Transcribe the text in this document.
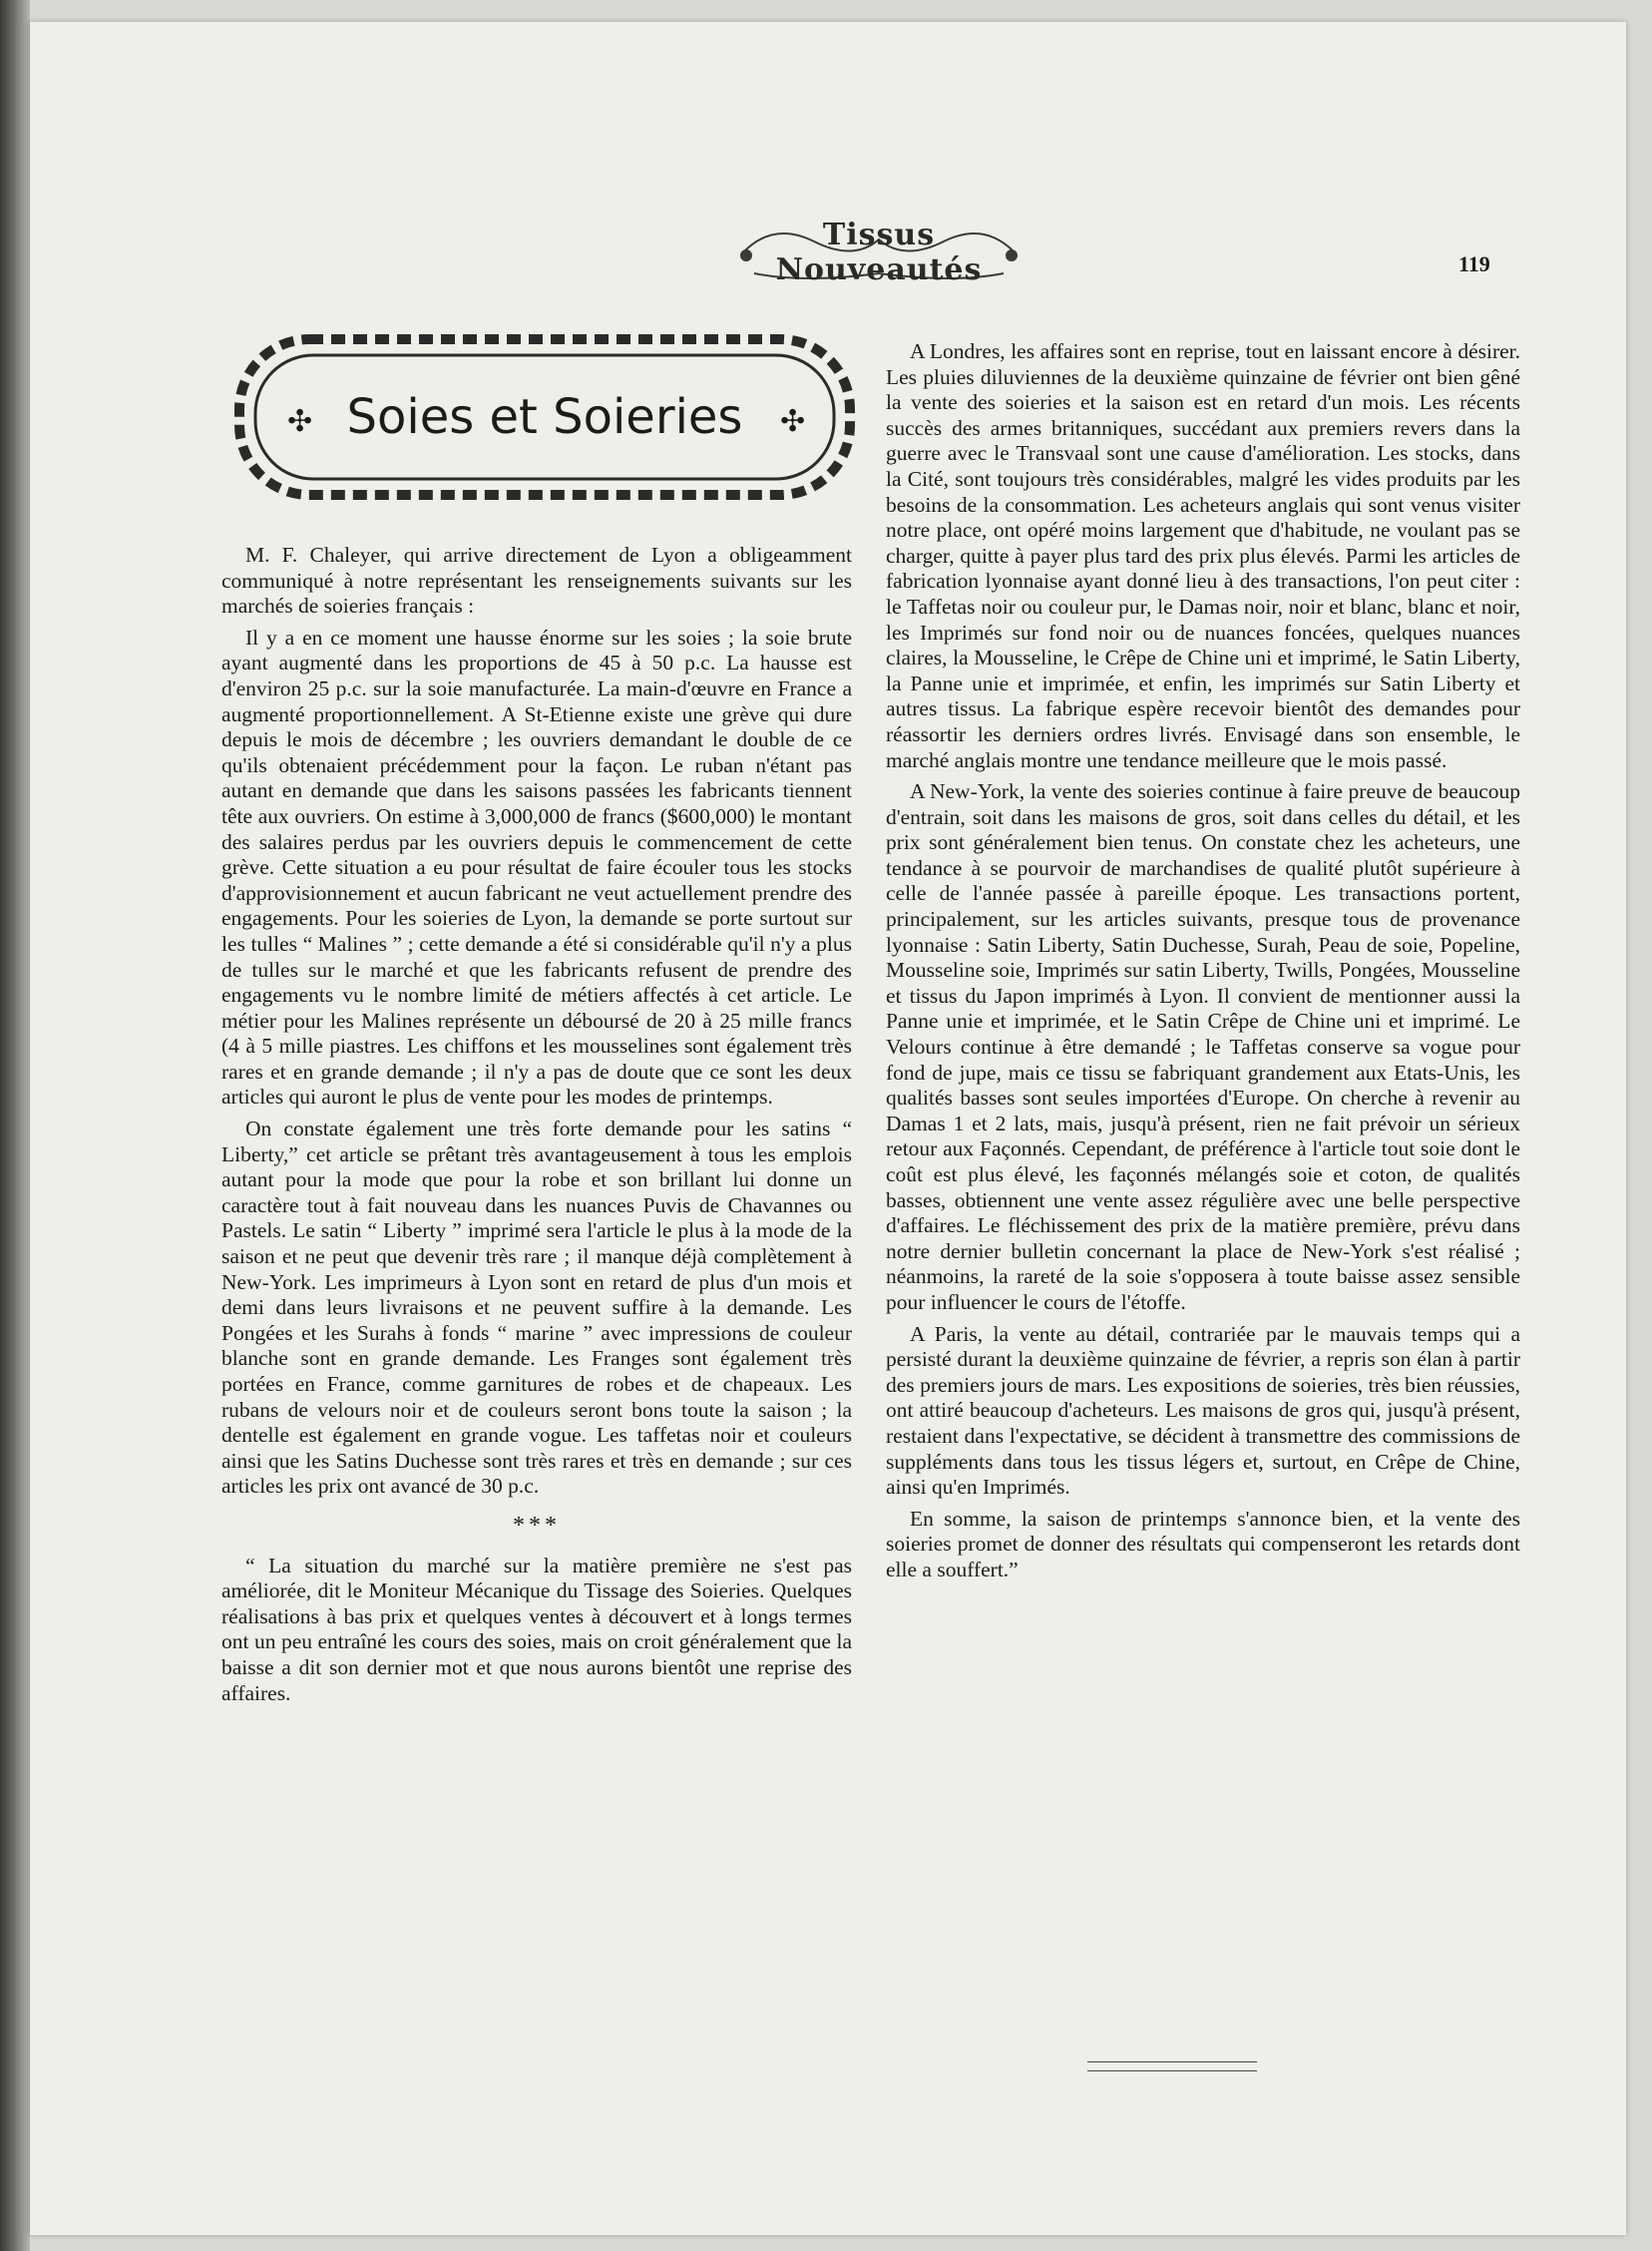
Tissus Nouveautés	119
✣	✣
Soies et Soieries

M. F. Chaleyer, qui arrive directement de Lyon a obligeamment communiqué à notre représentant les renseignements suivants sur les marchés de soieries français :

Il y a en ce moment une hausse énorme sur les soies ; la soie brute ayant augmenté dans les proportions de 45 à 50 p.c. La hausse est d'environ 25 p.c. sur la soie manufacturée. La main-d'œuvre en France a augmenté proportionnellement. A St-Etienne existe une grève qui dure depuis le mois de décembre ; les ouvriers demandant le double de ce qu'ils obtenaient précédemment pour la façon. Le ruban n'étant pas autant en demande que dans les saisons passées les fabricants tiennent tête aux ouvriers. On estime à 3,000,000 de francs ($600,000) le montant des salaires perdus par les ouvriers depuis le commencement de cette grève. Cette situation a eu pour résultat de faire écouler tous les stocks d'approvisionnement et aucun fabricant ne veut actuellement prendre des engagements. Pour les soieries de Lyon, la demande se porte surtout sur les tulles “ Malines ” ; cette demande a été si considérable qu'il n'y a plus de tulles sur le marché et que les fabricants refusent de prendre des engagements vu le nombre limité de métiers affectés à cet article. Le métier pour les Malines représente un déboursé de 20 à 25 mille francs (4 à 5 mille piastres. Les chiffons et les mousselines sont également très rares et en grande demande ; il n'y a pas de doute que ce sont les deux articles qui auront le plus de vente pour les modes de printemps.

On constate également une très forte demande pour les satins “ Liberty,” cet article se prêtant très avantageusement à tous les emplois autant pour la mode que pour la robe et son brillant lui donne un caractère tout à fait nouveau dans les nuances Puvis de Chavannes ou Pastels. Le satin “ Liberty ” imprimé sera l'article le plus à la mode de la saison et ne peut que devenir très rare ; il manque déjà complètement à New-York. Les imprimeurs à Lyon sont en retard de plus d'un mois et demi dans leurs livraisons et ne peuvent suffire à la demande. Les Pongées et les Surahs à fonds “ marine ” avec impressions de couleur blanche sont en grande demande. Les Franges sont également très portées en France, comme garnitures de robes et de chapeaux. Les rubans de velours noir et de couleurs seront bons toute la saison ; la dentelle est également en grande vogue. Les taffetas noir et couleurs ainsi que les Satins Duchesse sont très rares et très en demande ; sur ces articles les prix ont avancé de 30 p.c.

***

“ La situation du marché sur la matière première ne s'est pas améliorée, dit le Moniteur Mécanique du Tissage des Soieries. Quelques réalisations à bas prix et quelques ventes à découvert et à longs termes ont un peu entraîné les cours des soies, mais on croit généralement que la baisse a dit son dernier mot et que nous aurons bientôt une reprise des affaires.

A Londres, les affaires sont en reprise, tout en laissant encore à désirer. Les pluies diluviennes de la deuxième quinzaine de février ont bien gêné la vente des soieries et la saison est en retard d'un mois. Les récents succès des armes britanniques, succédant aux premiers revers dans la guerre avec le Transvaal sont une cause d'amélioration. Les stocks, dans la Cité, sont toujours très considérables, malgré les vides produits par les besoins de la consommation. Les acheteurs anglais qui sont venus visiter notre place, ont opéré moins largement que d'habitude, ne voulant pas se charger, quitte à payer plus tard des prix plus élevés. Parmi les articles de fabrication lyonnaise ayant donné lieu à des transactions, l'on peut citer : le Taffetas noir ou couleur pur, le Damas noir, noir et blanc, blanc et noir, les Imprimés sur fond noir ou de nuances foncées, quelques nuances claires, la Mousseline, le Crêpe de Chine uni et imprimé, le Satin Liberty, la Panne unie et imprimée, et enfin, les imprimés sur Satin Liberty et autres tissus. La fabrique espère recevoir bientôt des demandes pour réassortir les derniers ordres livrés. Envisagé dans son ensemble, le marché anglais montre une tendance meilleure que le mois passé.

A New-York, la vente des soieries continue à faire preuve de beaucoup d'entrain, soit dans les maisons de gros, soit dans celles du détail, et les prix sont généralement bien tenus. On constate chez les acheteurs, une tendance à se pourvoir de marchandises de qualité plutôt supérieure à celle de l'année passée à pareille époque. Les transactions portent, principalement, sur les articles suivants, presque tous de provenance lyonnaise : Satin Liberty, Satin Duchesse, Surah, Peau de soie, Popeline, Mousseline soie, Imprimés sur satin Liberty, Twills, Pongées, Mousseline et tissus du Japon imprimés à Lyon. Il convient de mentionner aussi la Panne unie et imprimée, et le Satin Crêpe de Chine uni et imprimé. Le Velours continue à être demandé ; le Taffetas conserve sa vogue pour fond de jupe, mais ce tissu se fabriquant grandement aux Etats-Unis, les qualités basses sont seules importées d'Europe. On cherche à revenir au Damas 1 et 2 lats, mais, jusqu'à présent, rien ne fait prévoir un sérieux retour aux Façonnés. Cependant, de préférence à l'article tout soie dont le coût est plus élevé, les façonnés mélangés soie et coton, de qualités basses, obtiennent une vente assez régulière avec une belle perspective d'affaires. Le fléchissement des prix de la matière première, prévu dans notre dernier bulletin concernant la place de New-York s'est réalisé ; néanmoins, la rareté de la soie s'opposera à toute baisse assez sensible pour influencer le cours de l'étoffe.

A Paris, la vente au détail, contrariée par le mauvais temps qui a persisté durant la deuxième quinzaine de février, a repris son élan à partir des premiers jours de mars. Les expositions de soieries, très bien réussies, ont attiré beaucoup d'acheteurs. Les maisons de gros qui, jusqu'à présent, restaient dans l'expectative, se décident à transmettre des commissions de suppléments dans tous les tissus légers et, surtout, en Crêpe de Chine, ainsi qu'en Imprimés.

En somme, la saison de printemps s'annonce bien, et la vente des soieries promet de donner des résultats qui compenseront les retards dont elle a souffert.”
